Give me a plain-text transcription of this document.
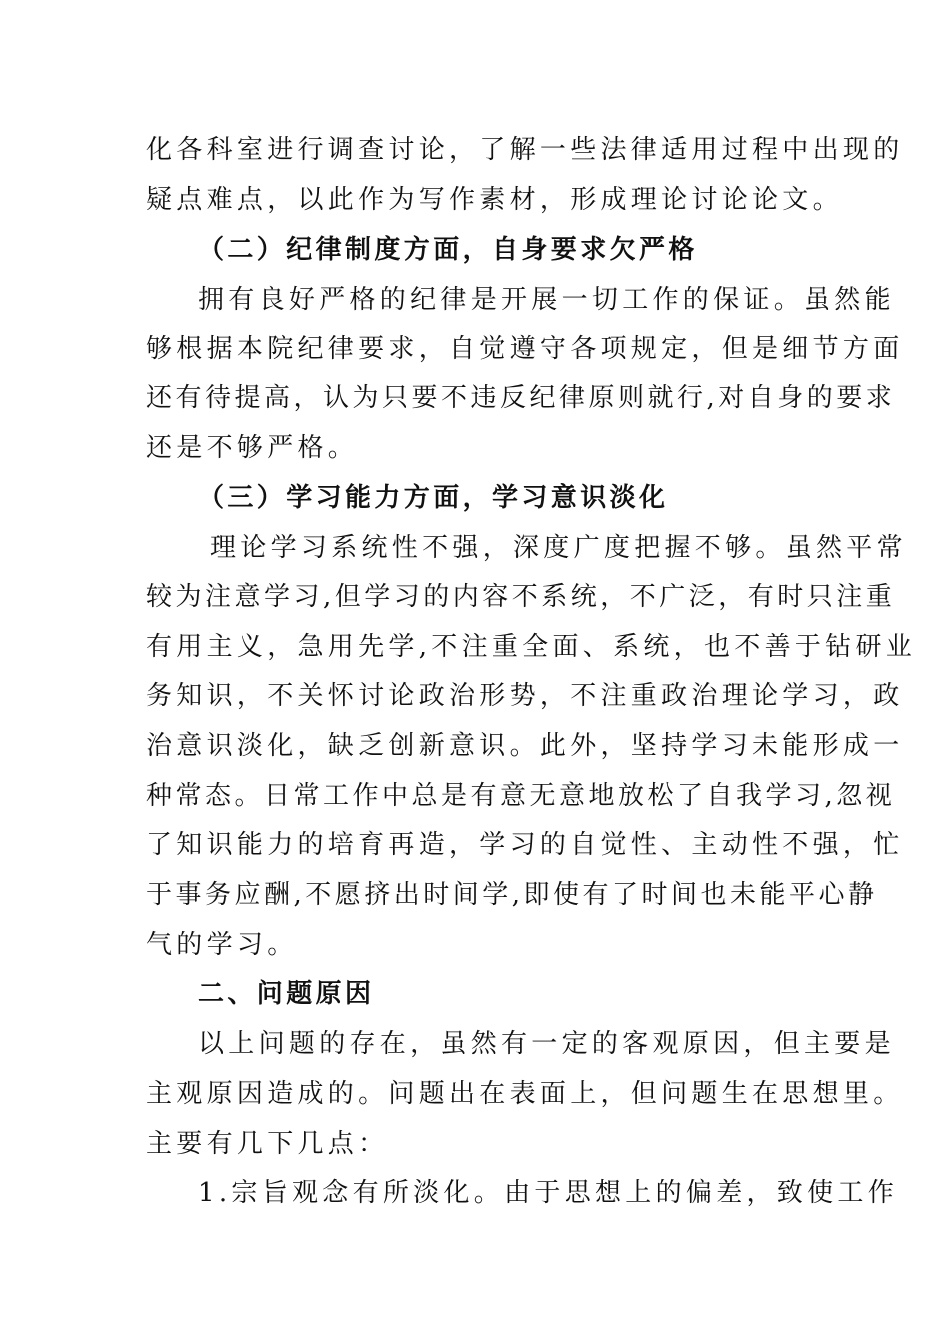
化各科室进行调查讨论，了解一些法律适用过程中出现的
疑点难点，以此作为写作素材，形成理论讨论论文。
（二）纪律制度方面，自身要求欠严格
拥有良好严格的纪律是开展一切工作的保证。虽然能
够根据本院纪律要求，自觉遵守各项规定，但是细节方面
还有待提高，认为只要不违反纪律原则就行,对自身的要求
还是不够严格。
（三）学习能力方面，学习意识淡化
理论学习系统性不强，深度广度把握不够。虽然平常
较为注意学习,但学习的内容不系统，不广泛，有时只注重
有用主义，急用先学,不注重全面、系统，也不善于钻研业
务知识，不关怀讨论政治形势，不注重政治理论学习，政
治意识淡化，缺乏创新意识。此外，坚持学习未能形成一
种常态。日常工作中总是有意无意地放松了自我学习,忽视
了知识能力的培育再造，学习的自觉性、主动性不强，忙
于事务应酬,不愿挤出时间学,即使有了时间也未能平心静
气的学习。
二、问题原因
以上问题的存在，虽然有一定的客观原因，但主要是
主观原因造成的。问题出在表面上，但问题生在思想里。
主要有几下几点：
1.宗旨观念有所淡化。由于思想上的偏差，致使工作
